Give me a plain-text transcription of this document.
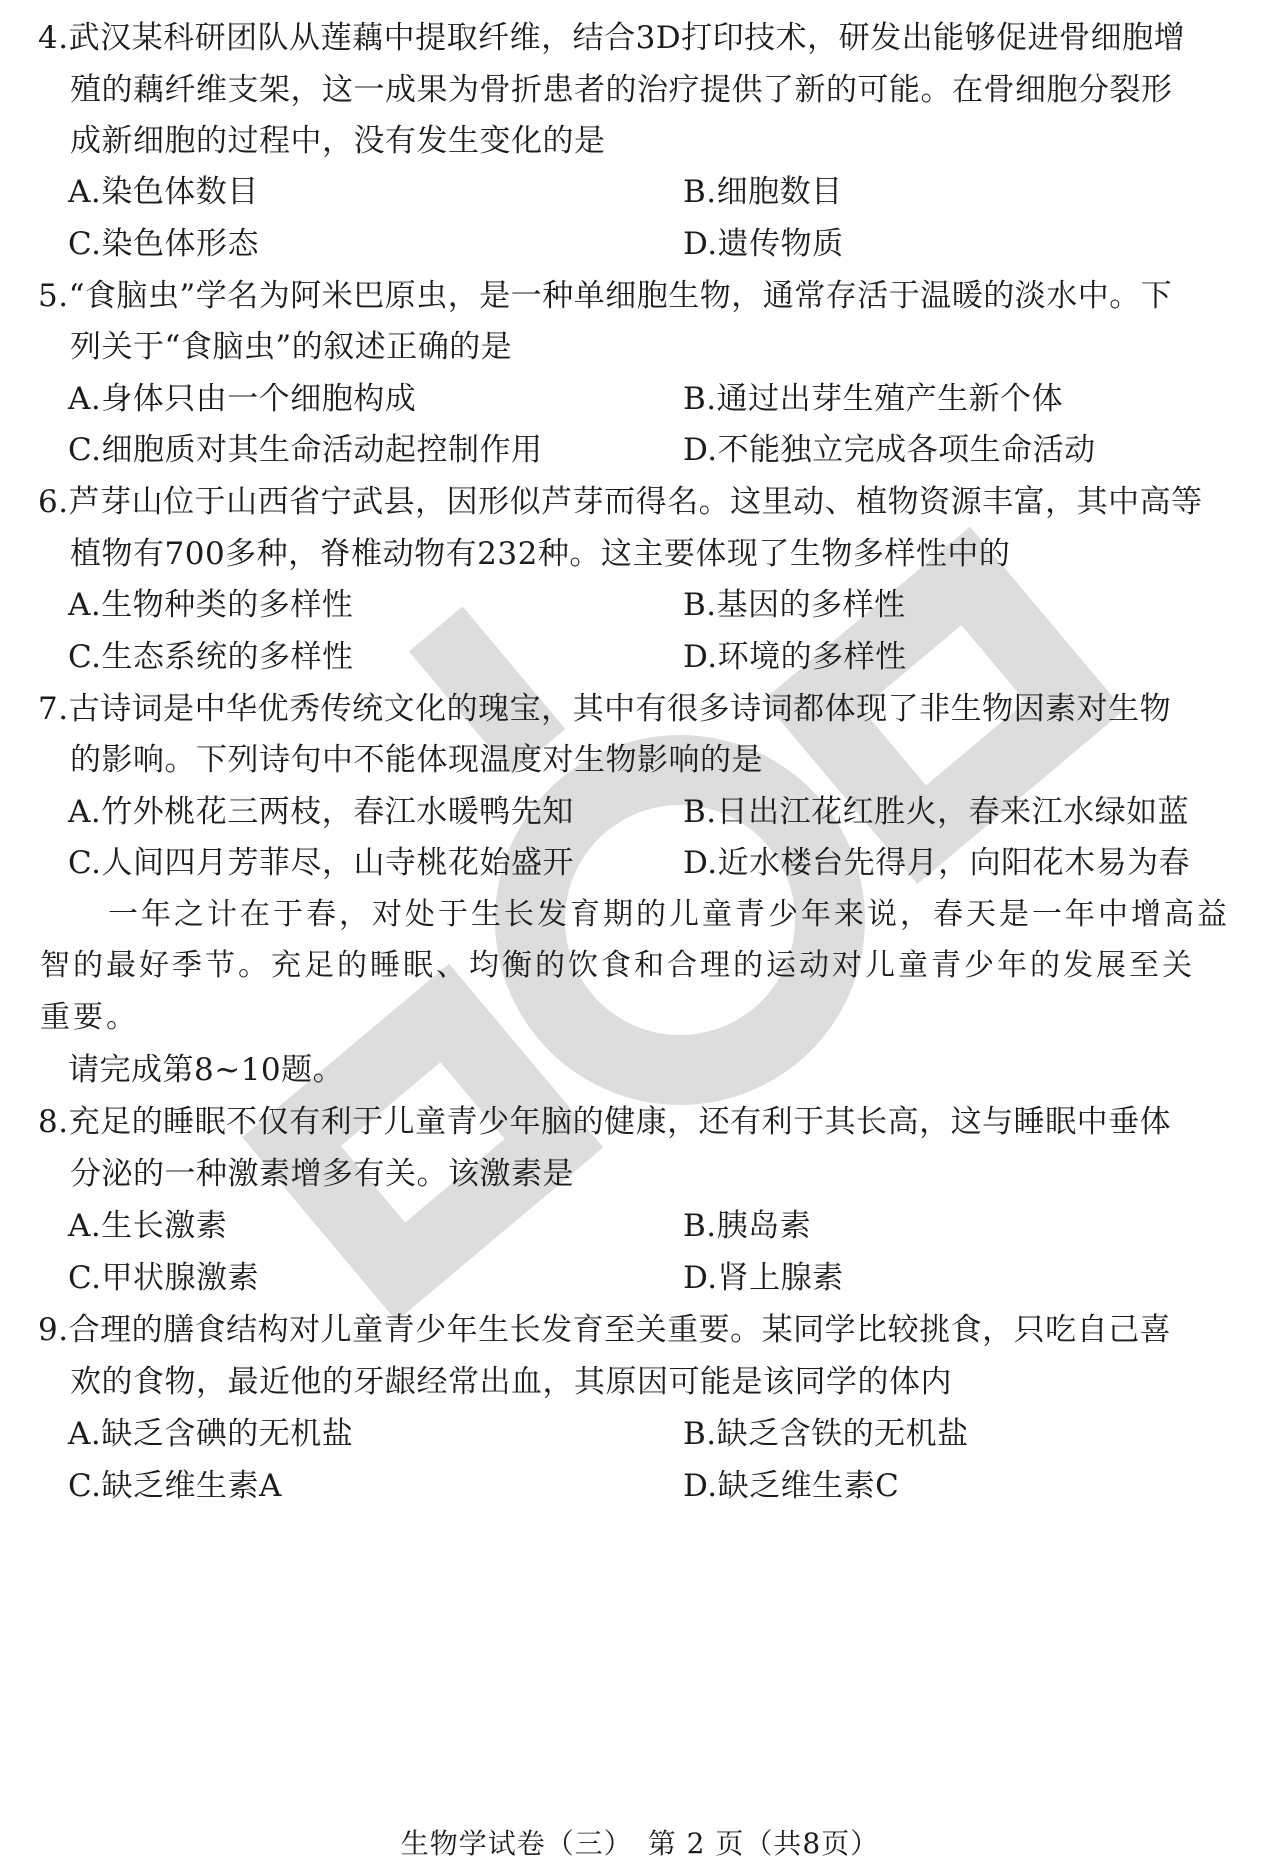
4.武汉某科研团队从莲藕中提取纤维，结合3D打印技术，研发出能够促进骨细胞增
殖的藕纤维支架，这一成果为骨折患者的治疗提供了新的可能。在骨细胞分裂形
成新细胞的过程中，没有发生变化的是
A.染色体数目	B.细胞数目
C.染色体形态	D.遗传物质
5.“食脑虫”学名为阿米巴原虫，是一种单细胞生物，通常存活于温暖的淡水中。下
列关于“食脑虫”的叙述正确的是
A.身体只由一个细胞构成	B.通过出芽生殖产生新个体
C.细胞质对其生命活动起控制作用	D.不能独立完成各项生命活动
6.芦芽山位于山西省宁武县，因形似芦芽而得名。这里动、植物资源丰富，其中高等
植物有700多种，脊椎动物有232种。这主要体现了生物多样性中的
A.生物种类的多样性	B.基因的多样性
C.生态系统的多样性	D.环境的多样性
7.古诗词是中华优秀传统文化的瑰宝，其中有很多诗词都体现了非生物因素对生物
的影响。下列诗句中不能体现温度对生物影响的是
A.竹外桃花三两枝，春江水暖鸭先知	B.日出江花红胜火，春来江水绿如蓝
C.人间四月芳菲尽，山寺桃花始盛开	D.近水楼台先得月，向阳花木易为春
一年之计在于春，对处于生长发育期的儿童青少年来说，春天是一年中增高益
智的最好季节。充足的睡眠、均衡的饮食和合理的运动对儿童青少年的发展至关
重要。
请完成第8~10题。
8.充足的睡眠不仅有利于儿童青少年脑的健康，还有利于其长高，这与睡眠中垂体
分泌的一种激素增多有关。该激素是
A.生长激素	B.胰岛素
C.甲状腺激素	D.肾上腺素
9.合理的膳食结构对儿童青少年生长发育至关重要。某同学比较挑食，只吃自己喜
欢的食物，最近他的牙龈经常出血，其原因可能是该同学的体内
A.缺乏含碘的无机盐	B.缺乏含铁的无机盐
C.缺乏维生素A	D.缺乏维生素C
生物学试卷（三）　第 2 页（共8页）
